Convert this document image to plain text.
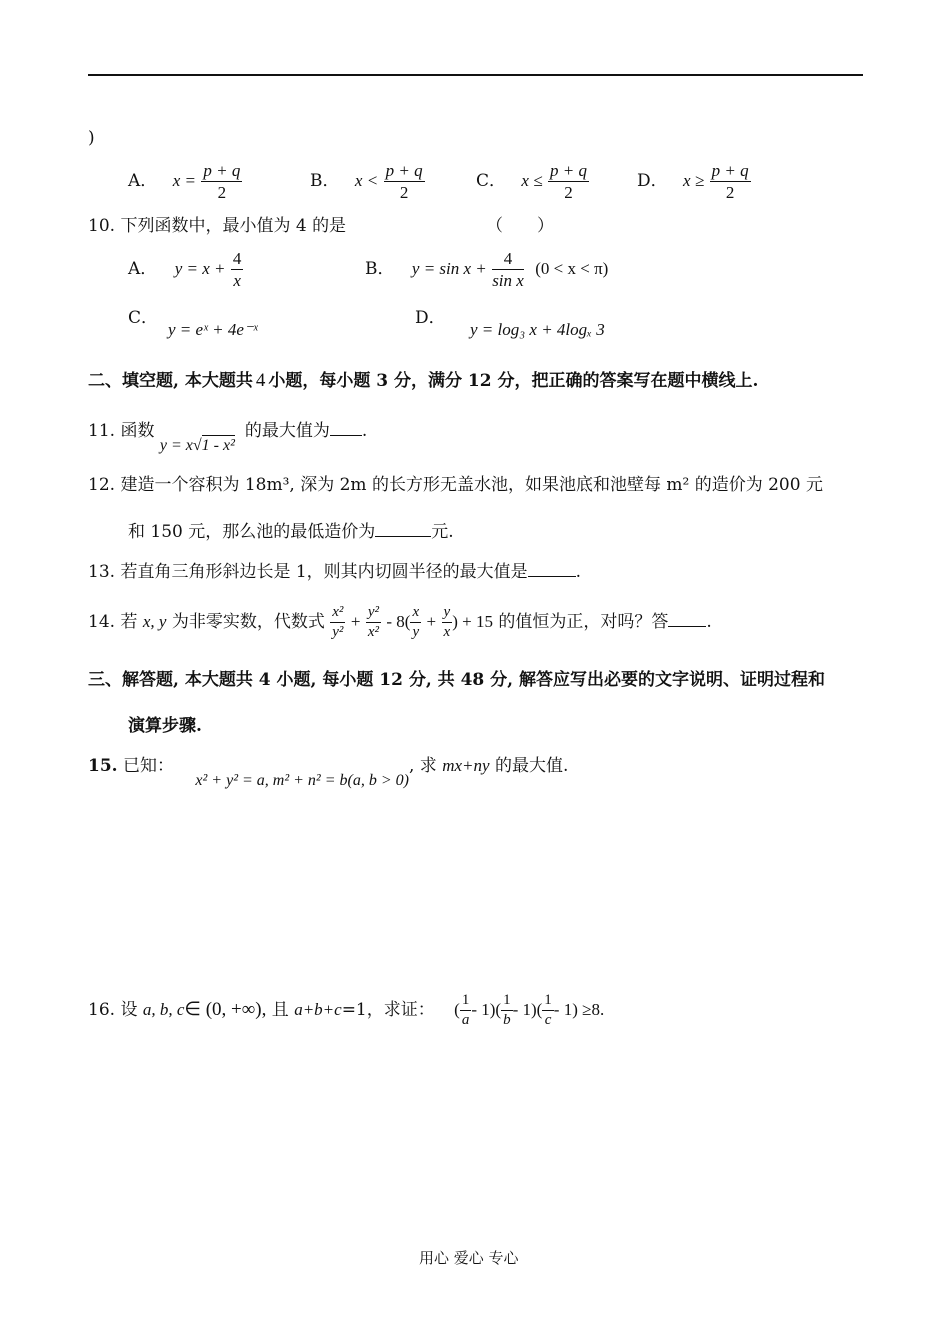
)
A． $x = \frac{p + q}{2}$	B． $x < \frac{p + q}{2}$	C． $x \le \frac{p + q}{2}$	D． $x \ge \frac{p + q}{2}$
10. 下列函数中，最小值为 4 的是	（　　）
A． $y = x + \frac{4}{x}$	B． $y = \sin x + \frac{4}{\text{sin x}} (0 < x < \pi)$
C．
y = eˣ + 4e⁻ˣ
D．
y = log₃ x + 4logₓ 3
二、填空题, 本大题共 4 小题，每小题 3 分，满分 12 分，把正确的答案写在题中横线上.
11. 函数 y = x√1 - x² 的最大值为 .
12. 建造一个容积为 18m³, 深为 2m 的长方形无盖水池，如果池底和池壁每 m² 的造价为 200 元
和 150 元，那么池的最低造价为	元.
13. 若直角三角形斜边长是 1，则其内切圆半径的最大值是	.
14. 若 x, y 为非零实数，代数式 $\frac{\text{x²}}{\text{y²}} + \frac{\text{y²}}{\text{x²}} - 8( \frac{x}{y} + \frac{y}{x}$ ) + 15 的值恒为正，对吗？答 .
三、解答题, 本大题共 4 小题, 每小题 12 分, 共 48 分, 解答应写出必要的文字说明、证明过程和
演算步骤.
15. 已知： x² + y² = a, m² + n² = b(a, b > 0), 求 mx+ny 的最大值.
16. 设 a, b, c∈ (0, +∞), 且 a+b+c=1，求证： ( $\frac{1}{a} - 1)( \frac{1}{b} - 1)( \frac{1}{c} - 1) \ge 8$.
用心 爱心 专心
